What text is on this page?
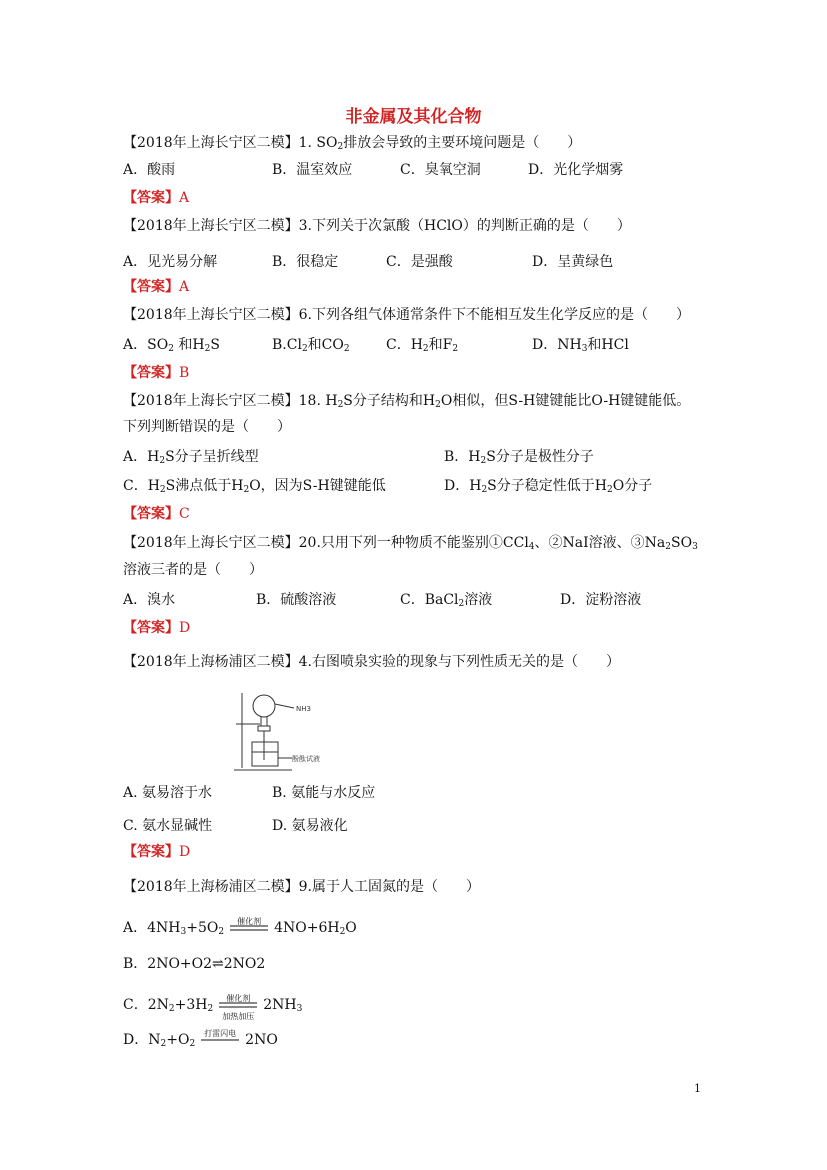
非金属及其化合物
【2018年上海长宁区二模】1. $SO_2$排放会导致的主要环境问题是（　　）
A．酸雨	B．温室效应	C．臭氧空洞	D．光化学烟雾
【答案】A
【2018年上海长宁区二模】3.下列关于次氯酸（HClO）的判断正确的是（　　）
A．见光易分解	B．很稳定	C．是强酸	D．呈黄绿色
【答案】A
【2018年上海长宁区二模】6.下列各组气体通常条件下不能相互发生化学反应的是（　　）
A．$SO_2$ 和$H_2S$	$B.Cl_2$和$CO_2$	C．$H_2$和$F_2$	D．$NH_3$和HCl
【答案】B
【2018年上海长宁区二模】18. $H_2S$分子结构和$H_2O$相似，但S-H键键能比O-H键键能低。
下列判断错误的是（　　）
A．$H_2S$分子呈折线型	B．$H_2S$分子是极性分子
C．$H_2S$沸点低于$H_2O$，因为S-H键键能低	D．$H_2S$分子稳定性低于$H_2O$分子
【答案】C
【2018年上海长宁区二模】20.只用下列一种物质不能鉴别①CCl$_4$、②NaI溶液、$③Na_2SO_3$
溶液三者的是（　　）
A．溴水	B．硫酸溶液	C．BaCl$_2$溶液	D．淀粉溶液
【答案】D
【2018年上海杨浦区二模】4.右图喷泉实验的现象与下列性质无关的是（　　）
NH3
酚酞试液
A. 氨易溶于水	B. 氨能与水反应
C. 氨水显碱性	D. 氨易液化
【答案】D
【2018年上海杨浦区二模】9.属于人工固氮的是（　　）
A．$4NH_3+5O_2$
催化剂 $4NO+6H_2O$
B．2NO+O2⇌2NO2
C．$2N_2+3H_2$
催化剂
加热加压
$2NH_3$
D．$N_2+O_2$
打雷闪电 2NO
1
